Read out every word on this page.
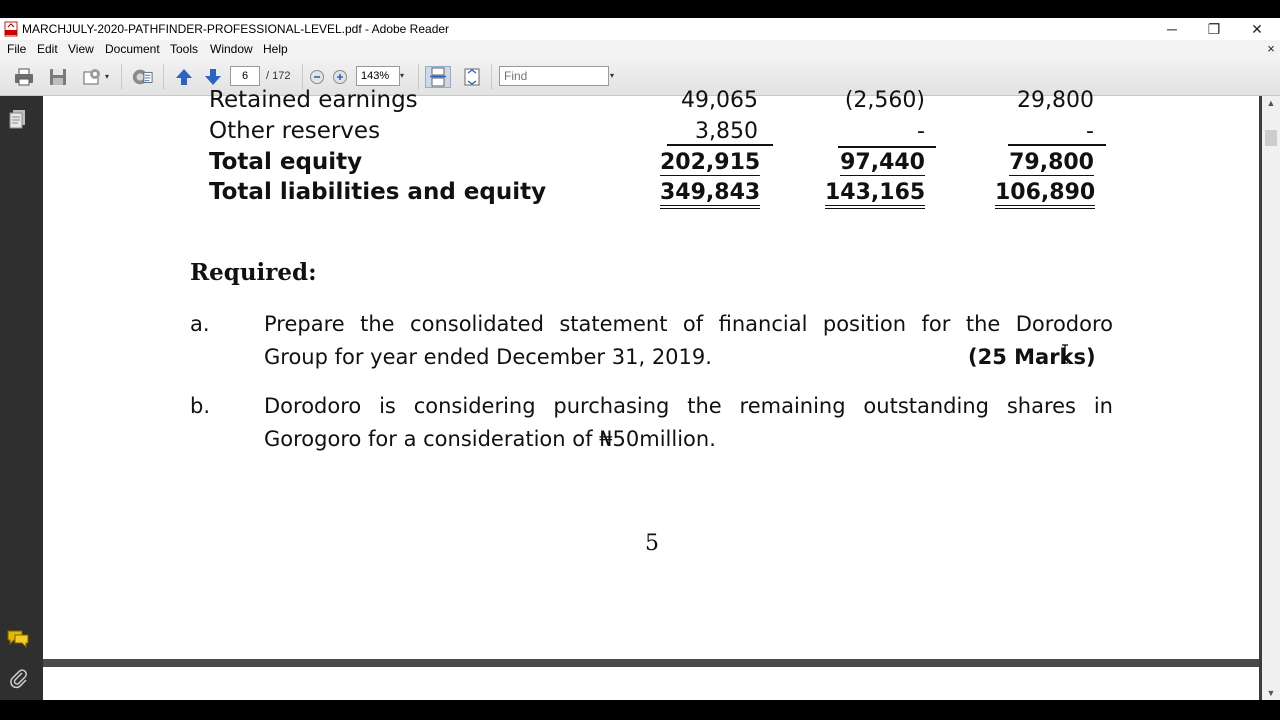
MARCHJULY-2020-PATHFINDER-PROFESSIONAL-LEVEL.pdf - Adobe Reader	─	❐	✕
File Edit View Document Tools Window Help	×
▾
6	/ 172	143%	▾
Find	▾
Retained earnings	49,065	(2,560)	29,800
Other reserves	3,850	-	-
Total equity	202,915	97,440	79,800
Total liabilities and equity	349,843	143,165	106,890
Required:
a.	Prepare the consolidated statement of financial position for the Dorodoro
Group for year ended December 31, 2019.	(25 Marks)
b.	Dorodoro is considering purchasing the remaining outstanding shares in
Gorogoro for a consideration of ₦50million.
5
▲
▼
